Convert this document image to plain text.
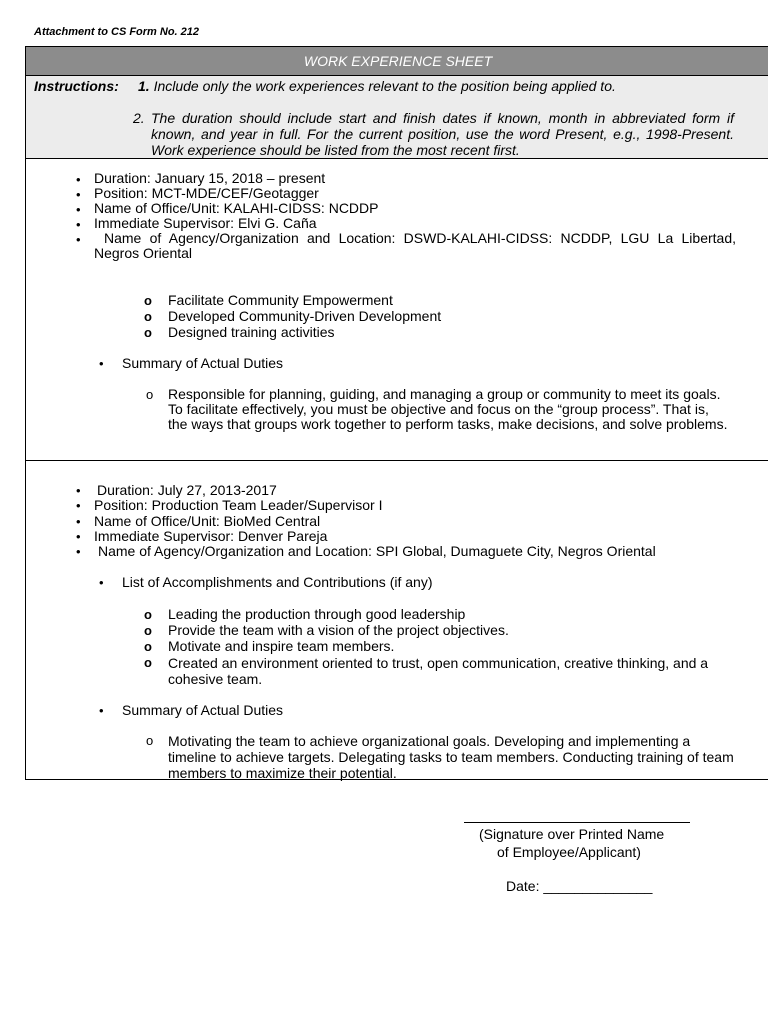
Attachment to CS Form No. 212
WORK EXPERIENCE SHEET
Instructions: 1. Include only the work experiences relevant to the position being applied to.
2. The duration should include start and finish dates if known, month in abbreviated form if known, and year in full. For the current position, use the word Present, e.g., 1998-Present. Work experience should be listed from the most recent first.
• Duration: January 15, 2018 – present
• Position: MCT-MDE/CEF/Geotagger
• Name of Office/Unit: KALAHI-CIDSS: NCDDP
• Immediate Supervisor: Elvi G. Caña
•	Name of Agency/Organization and Location: DSWD-KALAHI-CIDSS: NCDDP, LGU La Libertad, Negros Oriental
o Facilitate Community Empowerment
o Developed Community-Driven Development
o Designed training activities
• Summary of Actual Duties
o Responsible for planning, guiding, and managing a group or community to meet its goals. To facilitate effectively, you must be objective and focus on the “group process”. That is, the ways that groups work together to perform tasks, make decisions, and solve problems.
• Duration: July 27, 2013-2017
• Position: Production Team Leader/Supervisor I
• Name of Office/Unit: BioMed Central
• Immediate Supervisor: Denver Pareja
• Name of Agency/Organization and Location: SPI Global, Dumaguete City, Negros Oriental
• List of Accomplishments and Contributions (if any)
o Leading the production through good leadership
o Provide the team with a vision of the project objectives.
o Motivate and inspire team members.
o Created an environment oriented to trust, open communication, creative thinking, and a cohesive team.
• Summary of Actual Duties
o Motivating the team to achieve organizational goals. Developing and implementing a timeline to achieve targets. Delegating tasks to team members. Conducting training of team members to maximize their potential.
(Signature over Printed Name
of Employee/Applicant)
Date: ______________
